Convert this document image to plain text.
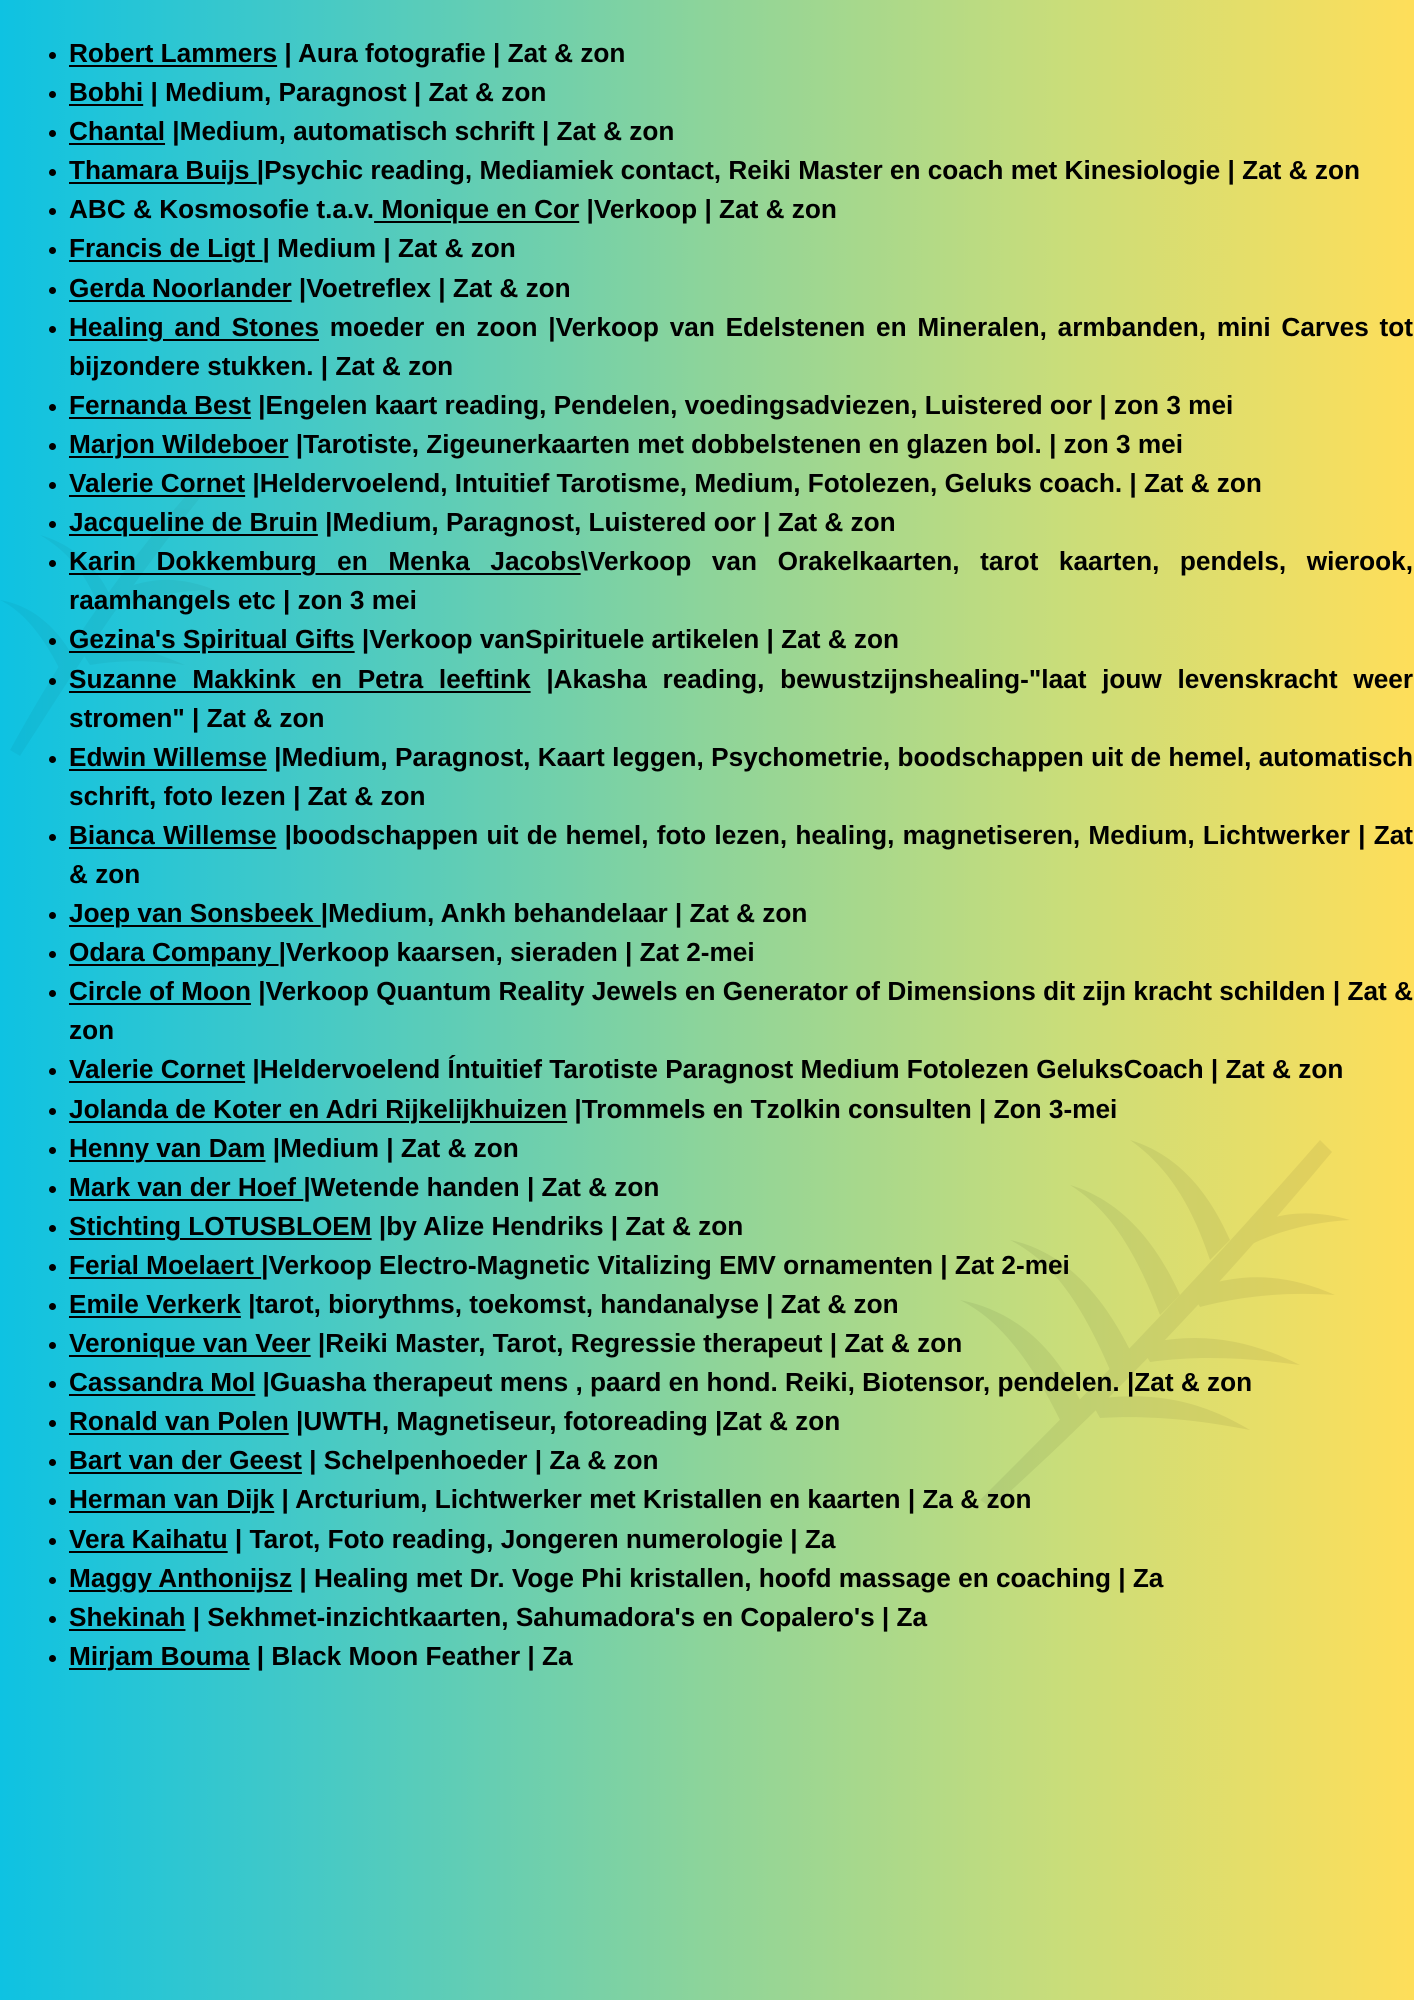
• Robert Lammers | Aura fotografie | Zat & zon
• Bobhi | Medium, Paragnost | Zat & zon
• Chantal |Medium, automatisch schrift | Zat & zon
• Thamara Buijs |Psychic reading, Mediamiek contact, Reiki Master en coach met Kinesiologie | Zat & zon
• ABC & Kosmosofie t.a.v. Monique en Cor |Verkoop | Zat & zon
• Francis de Ligt | Medium | Zat & zon
• Gerda Noorlander |Voetreflex | Zat & zon
• Healing and Stones moeder en zoon |Verkoop van Edelstenen en Mineralen, armbanden, mini Carves tot bijzondere stukken. | Zat & zon
• Fernanda Best |Engelen kaart reading, Pendelen, voedingsadviezen, Luistered oor | zon 3 mei
• Marjon Wildeboer |Tarotiste, Zigeunerkaarten met dobbelstenen en glazen bol. | zon 3 mei
• Valerie Cornet |Heldervoelend, Intuitief Tarotisme, Medium, Fotolezen, Geluks coach. | Zat & zon
• Jacqueline de Bruin |Medium, Paragnost, Luistered oor | Zat & zon
• Karin Dokkemburg en Menka Jacobs\Verkoop van Orakelkaarten, tarot kaarten, pendels, wierook, raamhangels etc | zon 3 mei
• Gezina's Spiritual Gifts |Verkoop vanSpirituele artikelen | Zat & zon
• Suzanne Makkink en Petra leeftink |Akasha reading, bewustzijnshealing-"laat jouw levenskracht weer stromen" | Zat & zon
• Edwin Willemse |Medium, Paragnost, Kaart leggen, Psychometrie, boodschappen uit de hemel, automatisch schrift, foto lezen | Zat & zon
• Bianca Willemse |boodschappen uit de hemel, foto lezen, healing, magnetiseren, Medium, Lichtwerker | Zat & zon
• Joep van Sonsbeek |Medium, Ankh behandelaar | Zat & zon
• Odara Company |Verkoop kaarsen, sieraden | Zat 2-mei
• Circle of Moon |Verkoop Quantum Reality Jewels en Generator of Dimensions dit zijn kracht schilden | Zat & zon
• Valerie Cornet |Heldervoelend Íntuitief Tarotiste Paragnost Medium Fotolezen GeluksCoach | Zat & zon
• Jolanda de Koter en Adri Rijkelijkhuizen |Trommels en Tzolkin consulten | Zon 3-mei
• Henny van Dam |Medium | Zat & zon
• Mark van der Hoef |Wetende handen | Zat & zon
• Stichting LOTUSBLOEM |by Alize Hendriks | Zat & zon
• Ferial Moelaert |Verkoop Electro-Magnetic Vitalizing EMV ornamenten | Zat 2-mei
• Emile Verkerk |tarot, biorythms, toekomst, handanalyse | Zat & zon
• Veronique van Veer |Reiki Master, Tarot, Regressie therapeut | Zat & zon
• Cassandra Mol |Guasha therapeut mens , paard en hond. Reiki, Biotensor, pendelen. |Zat & zon
• Ronald van Polen |UWTH, Magnetiseur, fotoreading |Zat & zon
• Bart van der Geest | Schelpenhoeder | Za & zon
• Herman van Dijk | Arcturium, Lichtwerker met Kristallen en kaarten | Za & zon
• Vera Kaihatu | Tarot, Foto reading, Jongeren numerologie | Za
• Maggy Anthonijsz | Healing met Dr. Voge Phi kristallen, hoofd massage en coaching | Za
• Shekinah | Sekhmet-inzichtkaarten, Sahumadora's en Copalero's | Za
• Mirjam Bouma | Black Moon Feather | Za
